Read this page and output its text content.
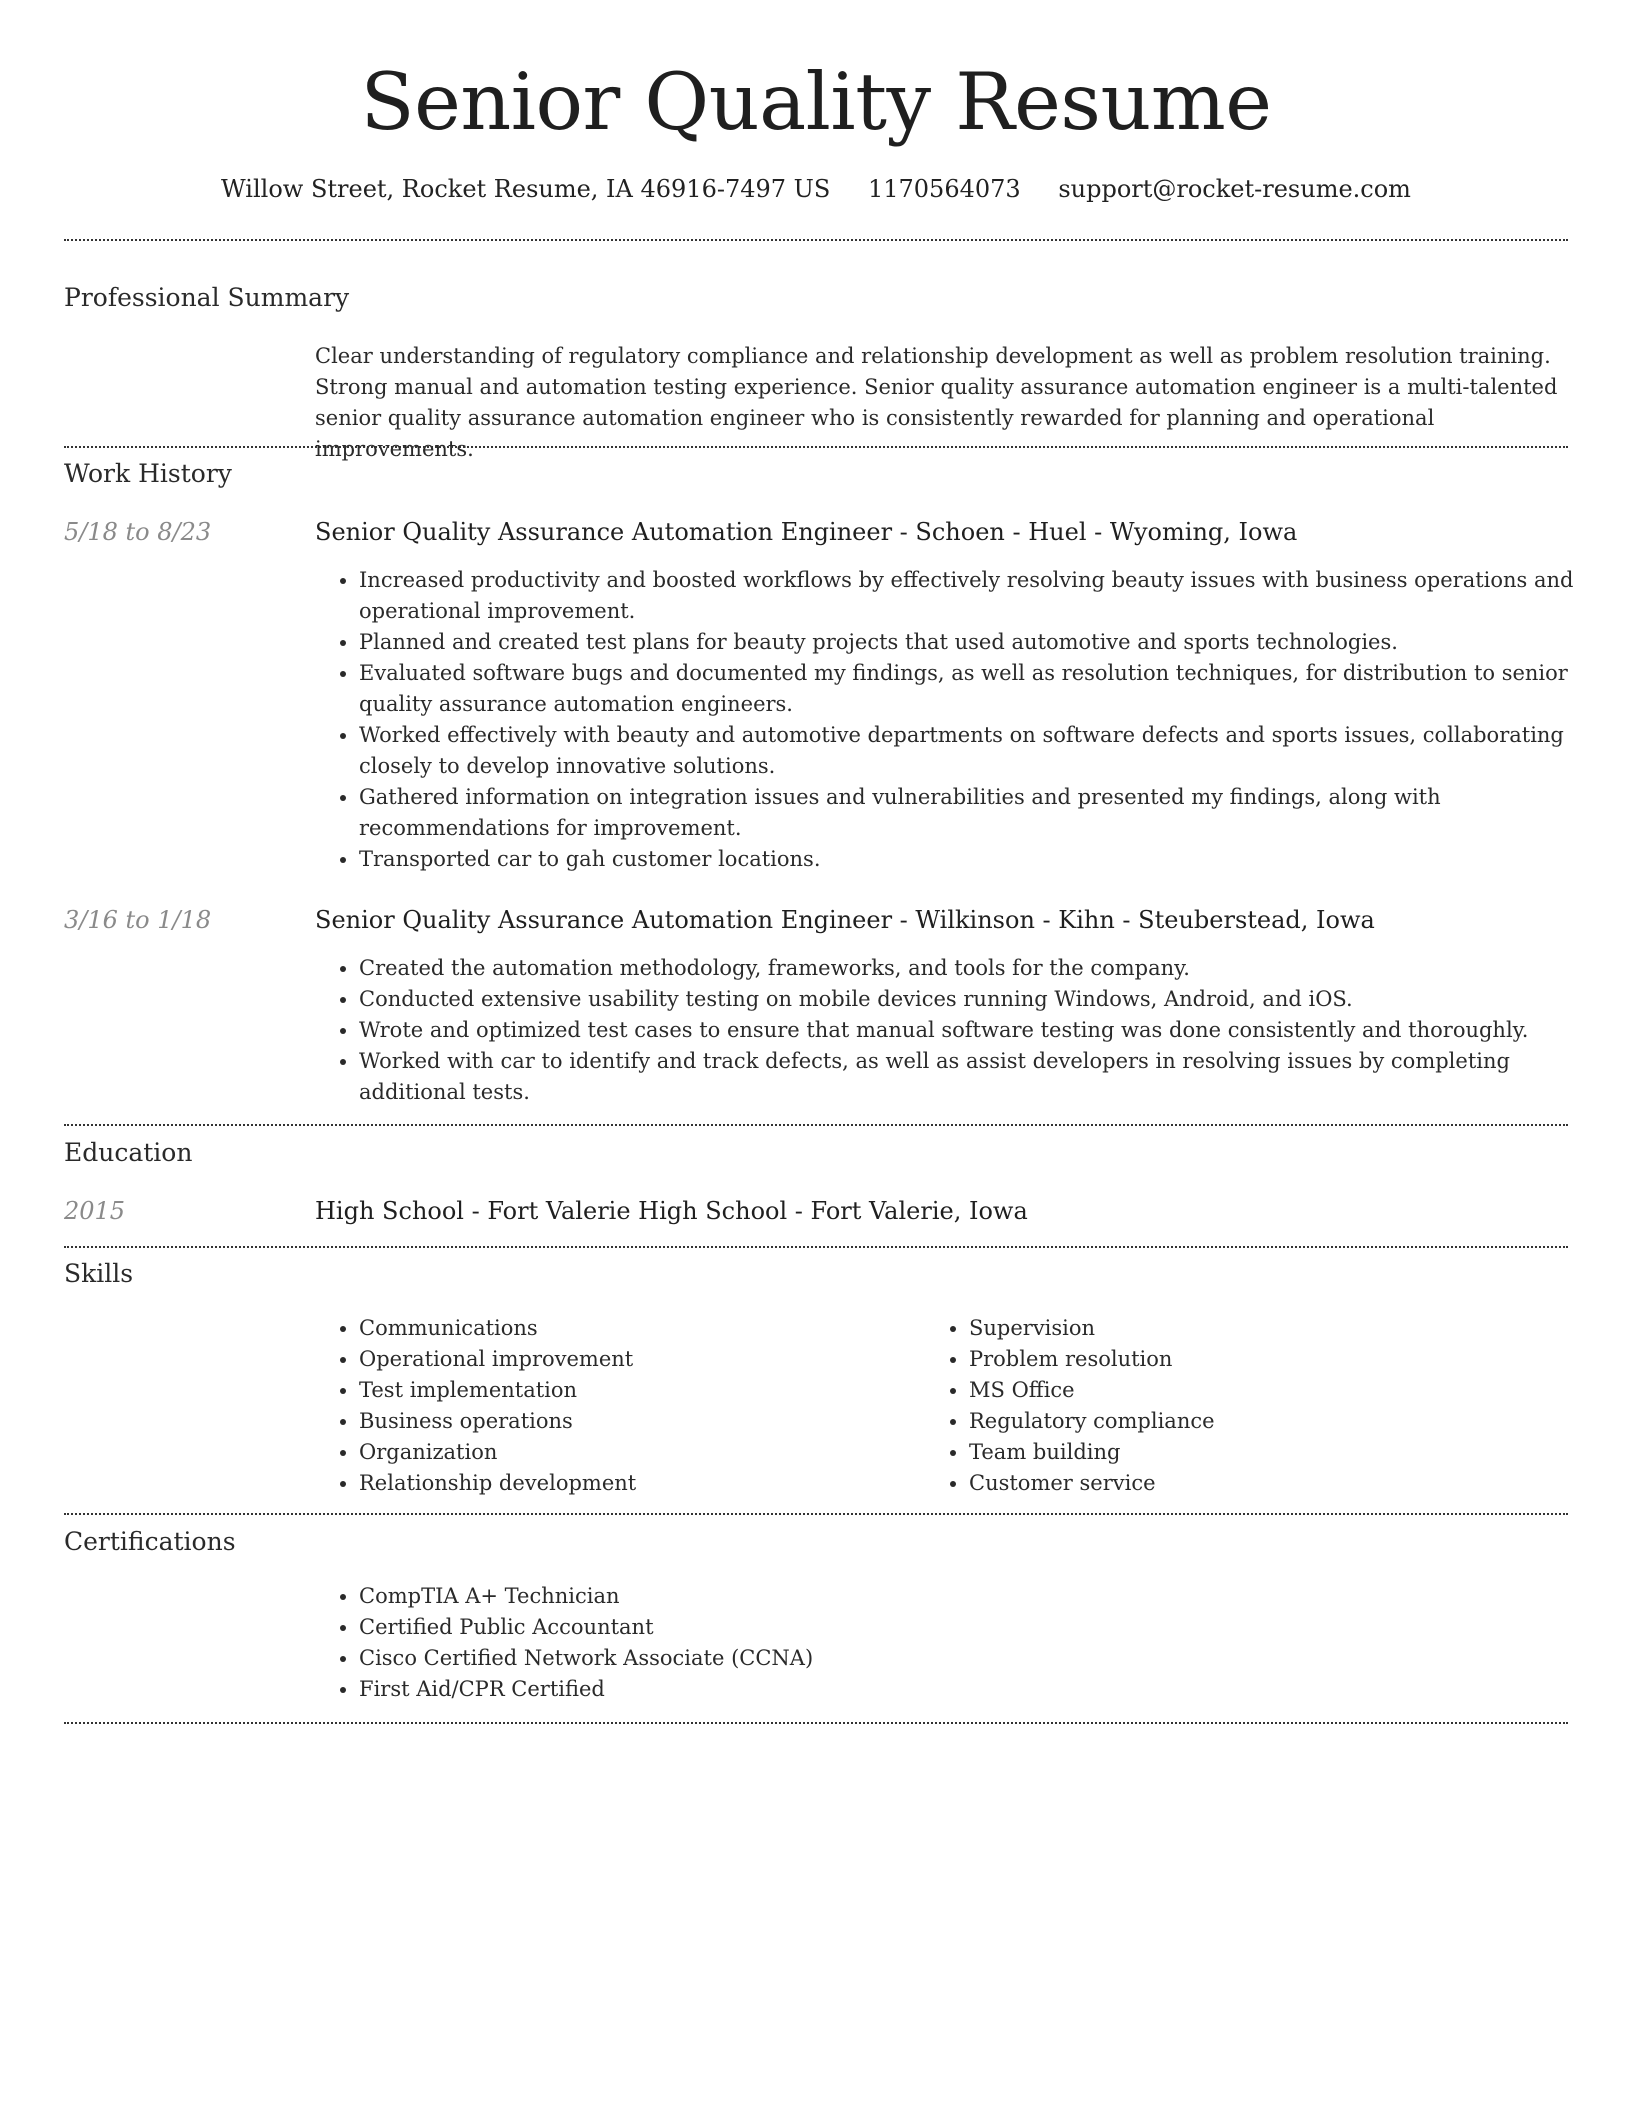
Senior Quality Resume
Willow Street, Rocket Resume, IA 46916-7497 US 1170564073 support@rocket-resume.com
Professional Summary
Clear understanding of regulatory compliance and relationship development as well as problem resolution training. Strong manual and automation testing experience. Senior quality assurance automation engineer is a multi-talented senior quality assurance automation engineer who is consistently rewarded for planning and operational improvements.
Work History
5/18 to 8/23	Senior Quality Assurance Automation Engineer - Schoen - Huel - Wyoming, Iowa
• Increased productivity and boosted workflows by effectively resolving beauty issues with business operations and operational improvement.
• Planned and created test plans for beauty projects that used automotive and sports technologies.
• Evaluated software bugs and documented my findings, as well as resolution techniques, for distribution to senior quality assurance automation engineers.
• Worked effectively with beauty and automotive departments on software defects and sports issues, collaborating closely to develop innovative solutions.
• Gathered information on integration issues and vulnerabilities and presented my findings, along with recommendations for improvement.
• Transported car to gah customer locations.
3/16 to 1/18	Senior Quality Assurance Automation Engineer - Wilkinson - Kihn - Steuberstead, Iowa
• Created the automation methodology, frameworks, and tools for the company.
• Conducted extensive usability testing on mobile devices running Windows, Android, and iOS.
• Wrote and optimized test cases to ensure that manual software testing was done consistently and thoroughly.
• Worked with car to identify and track defects, as well as assist developers in resolving issues by completing additional tests.
Education
2015	High School - Fort Valerie High School - Fort Valerie, Iowa
Skills
• Communications
• Operational improvement
• Test implementation
• Business operations
• Organization
• Relationship development
• Supervision
• Problem resolution
• MS Office
• Regulatory compliance
• Team building
• Customer service
Certifications
• CompTIA A+ Technician
• Certified Public Accountant
• Cisco Certified Network Associate (CCNA)
• First Aid/CPR Certified
